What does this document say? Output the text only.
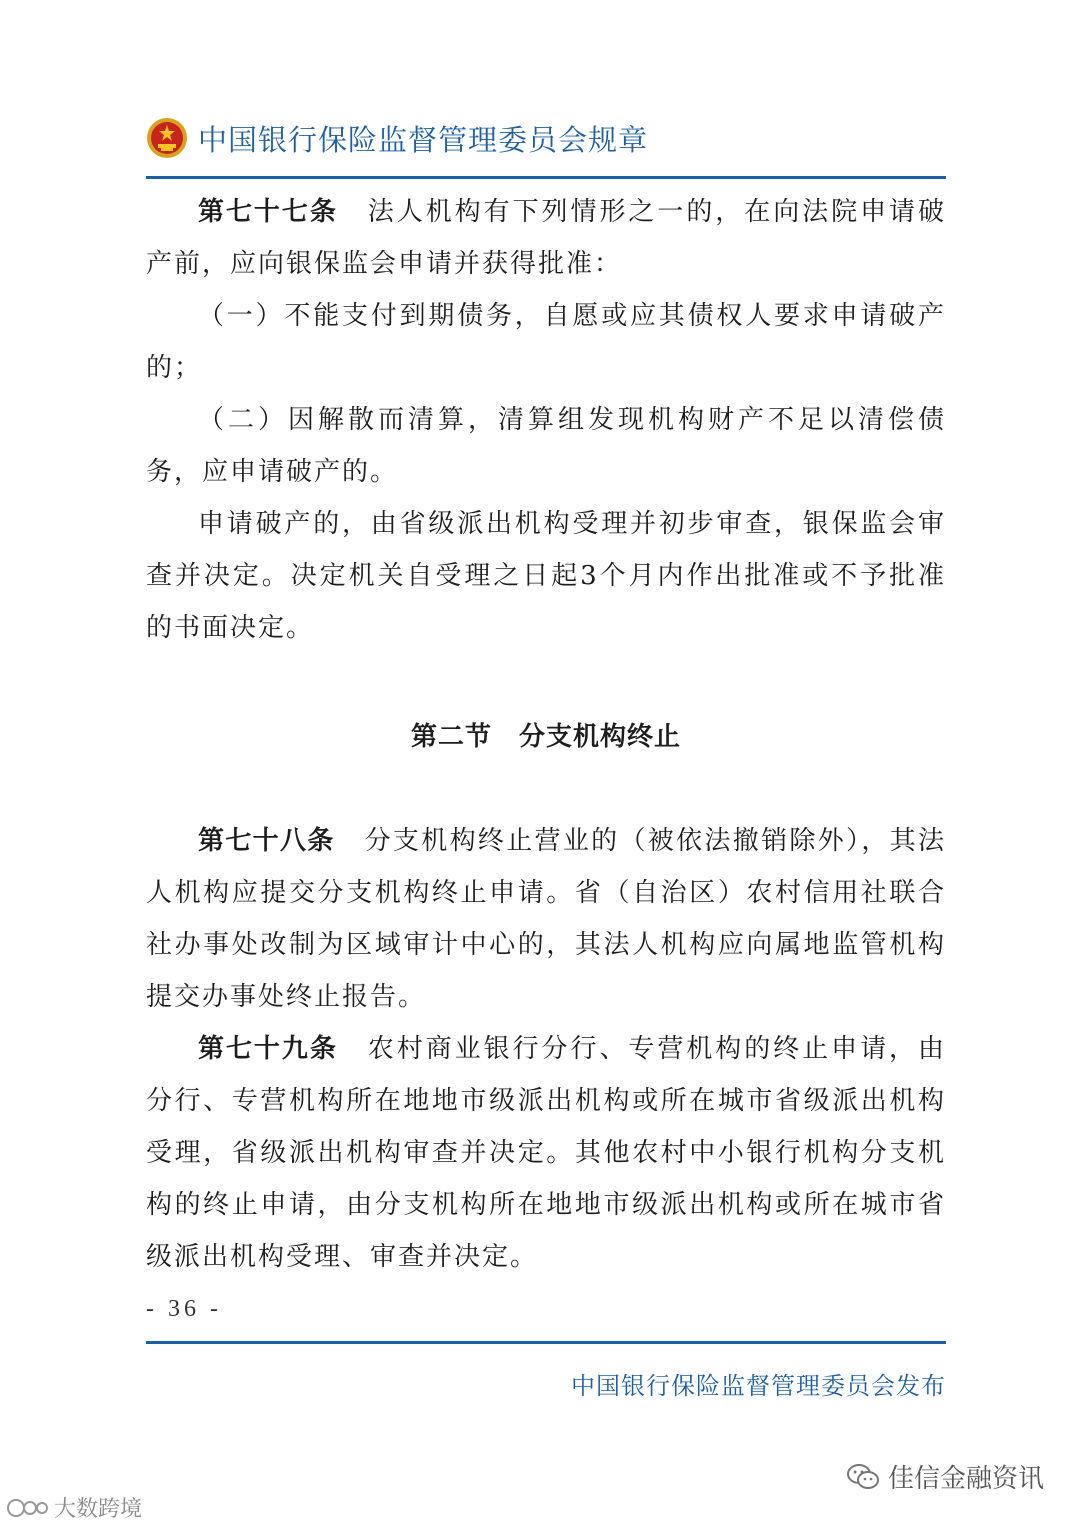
中国银行保险监督管理委员会规章

第七十七条 法人机构有下列情形之一的，在向法院申请破产前，应向银保监会申请并获得批准：

（一）不能支付到期债务，自愿或应其债权人要求申请破产的；

（二）因解散而清算，清算组发现机构财产不足以清偿债务，应申请破产的。

申请破产的，由省级派出机构受理并初步审查，银保监会审查并决定。决定机关自受理之日起3个月内作出批准或不予批准的书面决定。

第二节　分支机构终止

第七十八条 分支机构终止营业的（被依法撤销除外），其法人机构应提交分支机构终止申请。省（自治区）农村信用社联合社办事处改制为区域审计中心的，其法人机构应向属地监管机构提交办事处终止报告。

第七十九条 农村商业银行分行、专营机构的终止申请，由分行、专营机构所在地地市级派出机构或所在城市省级派出机构受理，省级派出机构审查并决定。其他农村中小银行机构分支机构的终止申请，由分支机构所在地地市级派出机构或所在城市省级派出机构受理、审查并决定。

- 36 -
中国银行保险监督管理委员会发布
佳信金融资讯
大数跨境
